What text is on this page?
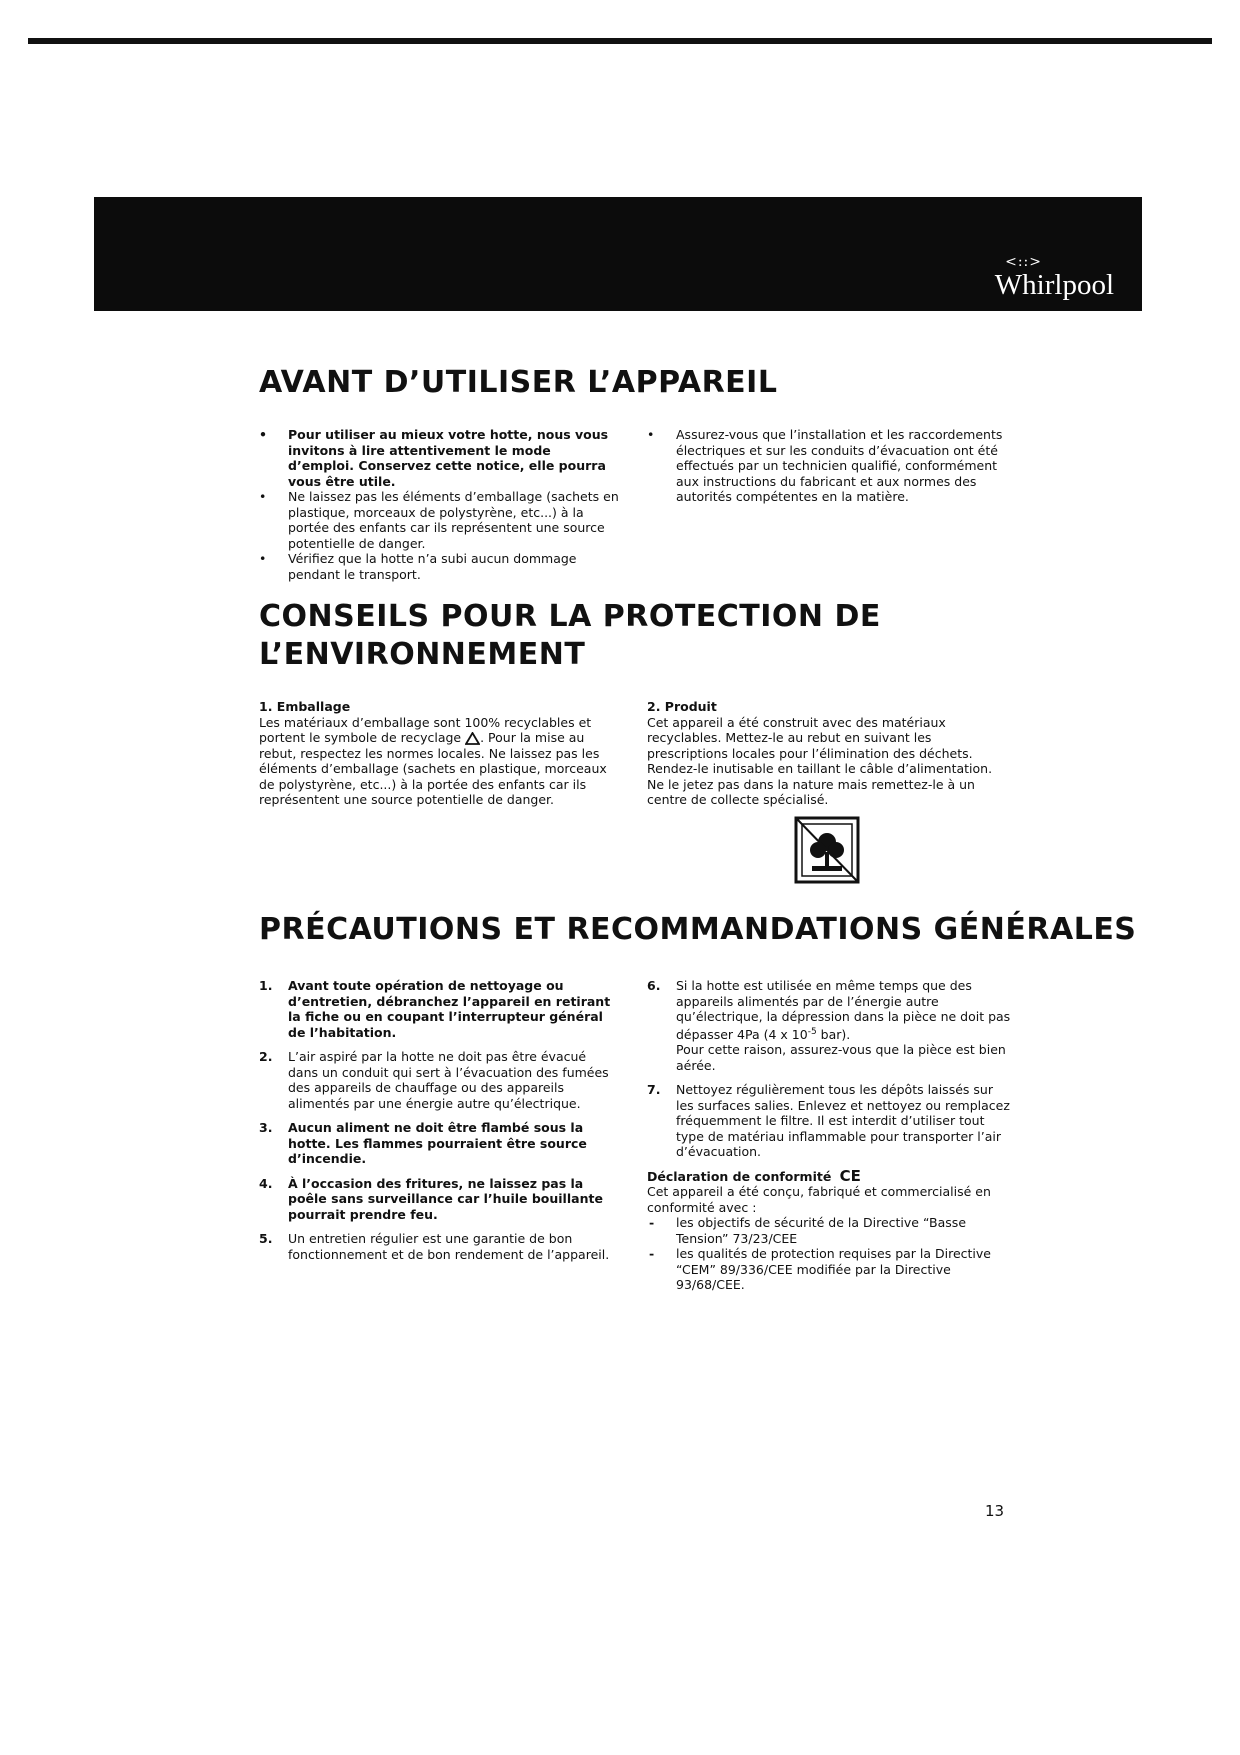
<::>
Whirlpool
AVANT D’UTILISER L’APPAREIL

• Pour utiliser au mieux votre hotte, nous vous invitons à lire attentivement le mode d’emploi. Conservez cette notice, elle pourra vous être utile.

• Ne laissez pas les éléments d’emballage (sachets en plastique, morceaux de polystyrène, etc...) à la portée des enfants car ils représentent une source potentielle de danger.

• Vérifiez que la hotte n’a subi aucun dommage pendant le transport.

• Assurez-vous que l’installation et les raccordements électriques et sur les conduits d’évacuation ont été effectués par un technicien qualifié, conformément aux instructions du fabricant et aux normes des autorités compétentes en la matière.

CONSEILS POUR LA PROTECTION DE
L’ENVIRONNEMENT

1. Emballage

Les matériaux d’emballage sont 100% recyclables et portent le symbole de recyclage . Pour la mise au rebut, respectez les normes locales. Ne laissez pas les éléments d’emballage (sachets en plastique, morceaux de polystyrène, etc...) à la portée des enfants car ils représentent une source potentielle de danger.

2. Produit

Cet appareil a été construit avec des matériaux recyclables. Mettez-le au rebut en suivant les prescriptions locales pour l’élimination des déchets. Rendez-le inutisable en taillant le câble d’alimentation. Ne le jetez pas dans la nature mais remettez-le à un centre de collecte spécialisé.

PRÉCAUTIONS ET RECOMMANDATIONS GÉNÉRALES
1. Avant toute opération de nettoyage ou d’entretien, débranchez l’appareil en retirant la fiche ou en coupant l’interrupteur général de l’habitation.
2. L’air aspiré par la hotte ne doit pas être évacué dans un conduit qui sert à l’évacuation des fumées des appareils de chauffage ou des appareils alimentés par une énergie autre qu’électrique.
3. Aucun aliment ne doit être flambé sous la hotte. Les flammes pourraient être source d’incendie.
4. À l’occasion des fritures, ne laissez pas la poêle sans surveillance car l’huile bouillante pourrait prendre feu.
5. Un entretien régulier est une garantie de bon fonctionnement et de bon rendement de l’appareil.
6. Si la hotte est utilisée en même temps que des appareils alimentés par de l’énergie autre qu’électrique, la dépression dans la pièce ne doit pas dépasser 4Pa (4 x $10^{-5}$ bar).
Pour cette raison, assurez-vous que la pièce est bien aérée.
7. Nettoyez régulièrement tous les dépôts laissés sur les surfaces salies. Enlevez et nettoyez ou remplacez fréquemment le filtre. Il est interdit d’utiliser tout type de matériau inflammable pour transporter l’air d’évacuation.

Déclaration de conformité CE

Cet appareil a été conçu, fabriqué et commercialisé en conformité avec :

- les objectifs de sécurité de la Directive “Basse Tension” 73/23/CEE

- les qualités de protection requises par la Directive “CEM” 89/336/CEE modifiée par la Directive 93/68/CEE.

13
